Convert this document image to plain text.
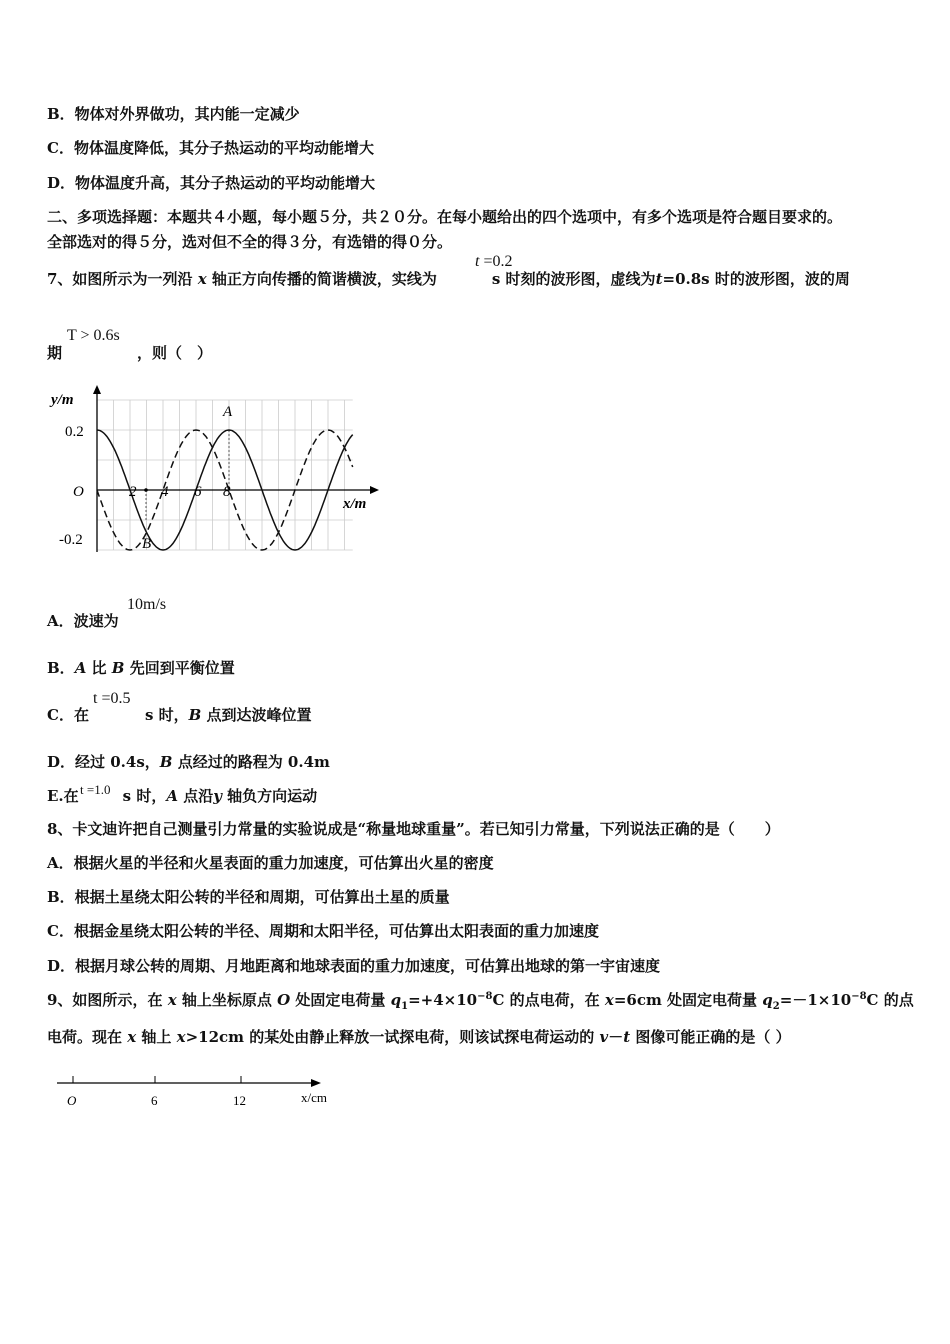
B．物体对外界做功，其内能一定减少
C．物体温度降低，其分子热运动的平均动能增大
D．物体温度升高，其分子热运动的平均动能增大
二、多项选择题：本题共４小题，每小题５分，共２０分。在每小题给出的四个选项中，有多个选项是符合题目要求的。
全部选对的得５分，选对但不全的得３分，有选错的得０分。
7、如图所示为一列沿 x 轴正方向传播的简谐横波，实线为	s 时刻的波形图，虚线为t=0.8s 时的波形图，波的周
t =0.2
期	，则（　）
T > 0.6s
y/m
x/m
O
0.2
-0.2
2 4 6 8
A
B
A．波速为
10m/s
B．A 比 B 先回到平衡位置
C．在	s 时，B 点到达波峰位置
t =0.5
D．经过 0.4s，B 点经过的路程为 0.4m
E.在	s 时，A 点沿y 轴负方向运动
t =1.0
8、卡文迪许把自己测量引力常量的实验说成是“称量地球重量”。若已知引力常量，下列说法正确的是（　　）
A．根据火星的半径和火星表面的重力加速度，可估算出火星的密度
B．根据土星绕太阳公转的半径和周期，可估算出土星的质量
C．根据金星绕太阳公转的半径、周期和太阳半径，可估算出太阳表面的重力加速度
D．根据月球公转的周期、月地距离和地球表面的重力加速度，可估算出地球的第一宇宙速度
9、如图所示，在 x 轴上坐标原点 O 处固定电荷量 $q_1=+4\times 10^{-8}C$ 的点电荷，在 x=6cm 处固定电荷量 $q_2=-1\times 10^{-8}C$ 的点
电荷。现在 x 轴上 x>12cm 的某处由静止释放一试探电荷，则该试探电荷运动的 v－t 图像可能正确的是（ ）
O	6	12	x/cm
